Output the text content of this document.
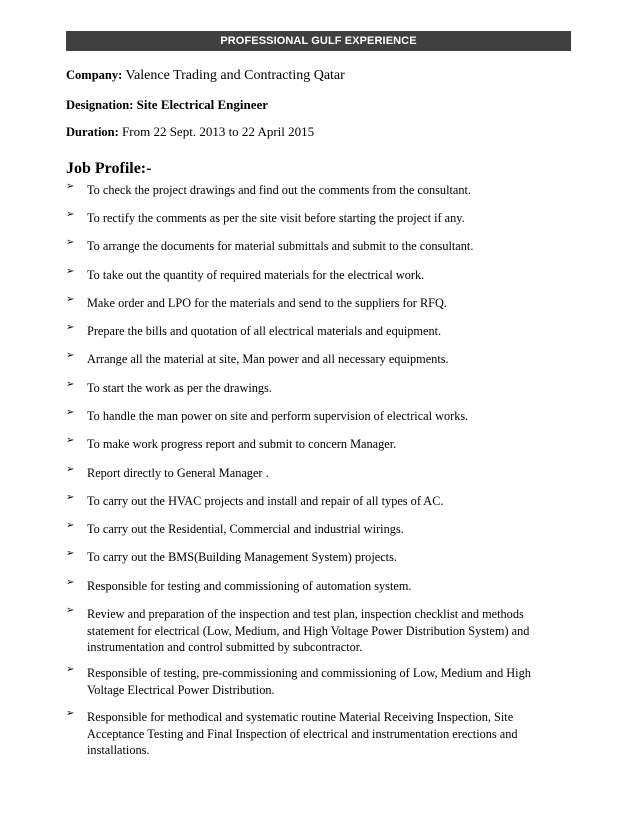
PROFESSIONAL GULF EXPERIENCE
Company: Valence Trading and Contracting Qatar
Designation: Site Electrical Engineer
Duration: From 22 Sept. 2013 to 22 April 2015
Job Profile:-
➢ To check the project drawings and find out the comments from the consultant.
➢ To rectify the comments as per the site visit before starting the project if any.
➢ To arrange the documents for material submittals and submit to the consultant.
➢ To take out the quantity of required materials for the electrical work.
➢ Make order and LPO for the materials and send to the suppliers for RFQ.
➢ Prepare the bills and quotation of all electrical materials and equipment.
➢ Arrange all the material at site, Man power and all necessary equipments.
➢ To start the work as per the drawings.
➢ To handle the man power on site and perform supervision of electrical works.
➢ To make work progress report and submit to concern Manager.
➢ Report directly to General Manager .
➢ To carry out the HVAC projects and install and repair of all types of AC.
➢ To carry out the Residential, Commercial and industrial wirings.
➢ To carry out the BMS(Building Management System) projects.
➢ Responsible for testing and commissioning of automation system.
➢ Review and preparation of the inspection and test plan, inspection checklist and methods statement for electrical (Low, Medium, and High Voltage Power Distribution System) and instrumentation and control submitted by subcontractor.
➢ Responsible of testing, pre-commissioning and commissioning of Low, Medium and High Voltage Electrical Power Distribution.
➢ Responsible for methodical and systematic routine Material Receiving Inspection, Site Acceptance Testing and Final Inspection of electrical and instrumentation erections and installations.
